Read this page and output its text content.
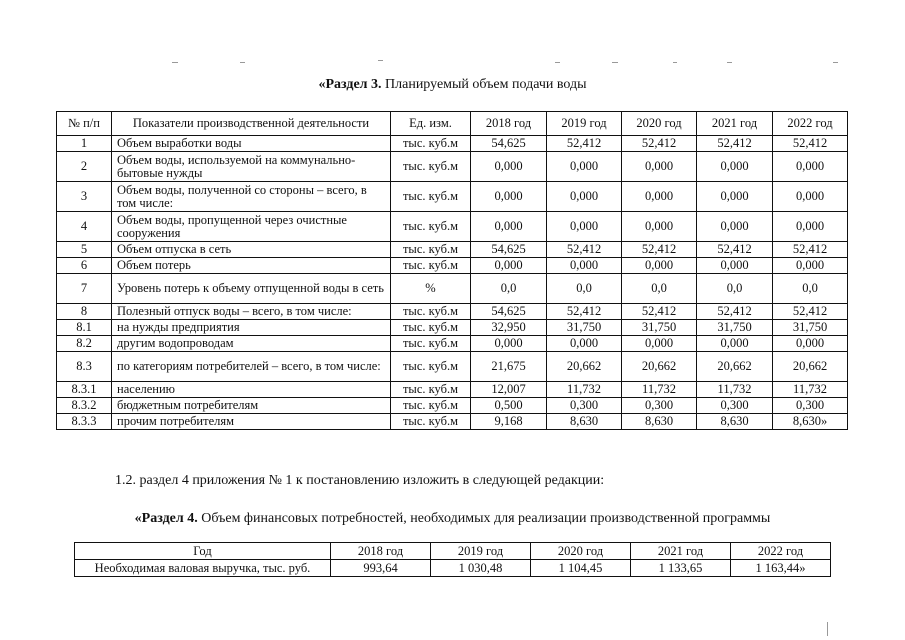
«Раздел 3. Планируемый объем подачи воды
№ п/п	Показатели производственной деятельности	Ед. изм.	2018 год	2019 год	2020 год	2021 год	2022 год
1	Объем выработки воды	тыс. куб.м	54,625	52,412	52,412	52,412	52,412
2	Объем воды, используемой на коммунально-бытовые нужды	тыс. куб.м	0,000	0,000	0,000	0,000	0,000
3	Объем воды, полученной со стороны – всего, в том числе:	тыс. куб.м	0,000	0,000	0,000	0,000	0,000
4	Объем воды, пропущенной через очистные сооружения	тыс. куб.м	0,000	0,000	0,000	0,000	0,000
5	Объем отпуска в сеть	тыс. куб.м	54,625	52,412	52,412	52,412	52,412
6	Объем потерь	тыс. куб.м	0,000	0,000	0,000	0,000	0,000
7	Уровень потерь к объему отпущенной воды в сеть	%	0,0	0,0	0,0	0,0	0,0
8	Полезный отпуск воды – всего, в том числе:	тыс. куб.м	54,625	52,412	52,412	52,412	52,412
8.1	на нужды предприятия	тыс. куб.м	32,950	31,750	31,750	31,750	31,750
8.2	другим водопроводам	тыс. куб.м	0,000	0,000	0,000	0,000	0,000
8.3	по категориям потребителей – всего, в том числе:	тыс. куб.м	21,675	20,662	20,662	20,662	20,662
8.3.1	населению	тыс. куб.м	12,007	11,732	11,732	11,732	11,732
8.3.2	бюджетным потребителям	тыс. куб.м	0,500	0,300	0,300	0,300	0,300
8.3.3	прочим потребителям	тыс. куб.м	9,168	8,630	8,630	8,630	8,630»
1.2. раздел 4 приложения № 1 к постановлению изложить в следующей редакции:
«Раздел 4. Объем финансовых потребностей, необходимых для реализации производственной программы
Год	2018 год	2019 год	2020 год	2021 год	2022 год
Необходимая валовая выручка, тыс. руб.	993,64	1 030,48	1 104,45	1 133,65	1 163,44»
